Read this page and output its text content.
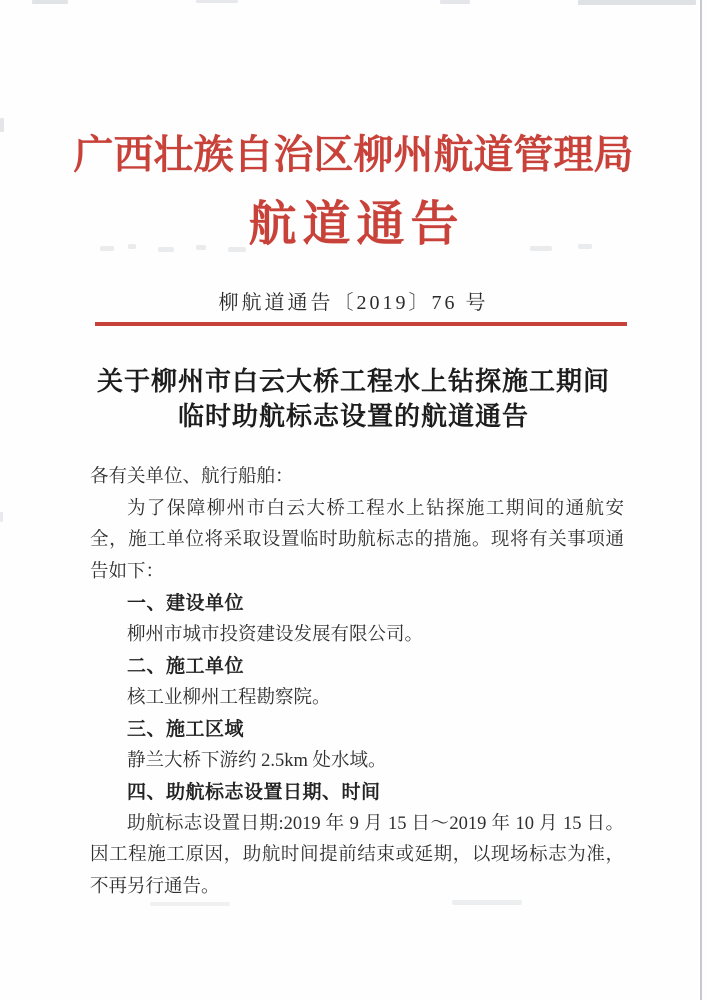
广西壮族自治区柳州航道管理局
航道通告
柳航道通告〔2019〕76 号
关于柳州市白云大桥工程水上钻探施工期间
临时助航标志设置的航道通告

各有关单位、航行船舶：

为了保障柳州市白云大桥工程水上钻探施工期间的通航安全，施工单位将采取设置临时助航标志的措施。现将有关事项通告如下：

一、建设单位

柳州市城市投资建设发展有限公司。

二、施工单位

核工业柳州工程勘察院。

三、施工区域

静兰大桥下游约 2.5km 处水域。

四、助航标志设置日期、时间

助航标志设置日期:2019 年 9 月 15 日～2019 年 10 月 15 日。因工程施工原因，助航时间提前结束或延期，以现场标志为准，不再另行通告。
